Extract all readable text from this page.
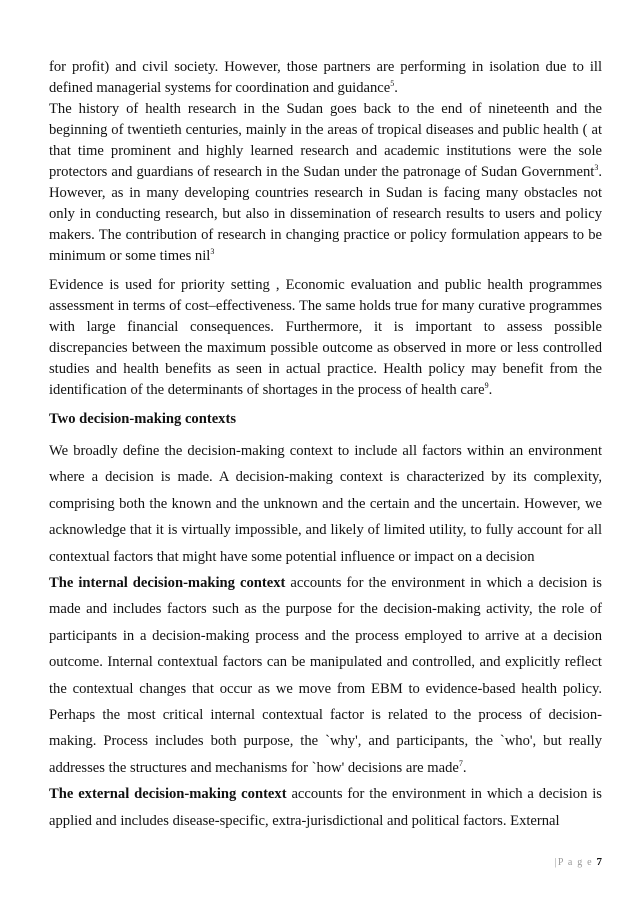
for profit) and civil society. However, those partners are performing in isolation due to ill defined managerial systems for coordination and guidance$^5$.

The history of health research in the Sudan goes back to the end of nineteenth and the beginning of twentieth centuries, mainly in the areas of tropical diseases and public health ( at that time prominent and highly learned research and academic institutions were the sole protectors and guardians of research in the Sudan under the patronage of Sudan Government$^3$. However, as in many developing countries research in Sudan is facing many obstacles not only in conducting research, but also in dissemination of research results to users and policy makers. The contribution of research in changing practice or policy formulation appears to be minimum or some times nil$^3$

Evidence is used for priority setting , Economic evaluation and public health programmes assessment in terms of cost–effectiveness. The same holds true for many curative programmes with large financial consequences. Furthermore, it is important to assess possible discrepancies between the maximum possible outcome as observed in more or less controlled studies and health benefits as seen in actual practice. Health policy may benefit from the identification of the determinants of shortages in the process of health care$^9$.

Two decision-making contexts

We broadly define the decision-making context to include all factors within an environment where a decision is made. A decision-making context is characterized by its complexity, comprising both the known and the unknown and the certain and the uncertain. However, we acknowledge that it is virtually impossible, and likely of limited utility, to fully account for all contextual factors that might have some potential influence or impact on a decision

The internal decision-making context accounts for the environment in which a decision is made and includes factors such as the purpose for the decision-making activity, the role of participants in a decision-making process and the process employed to arrive at a decision outcome. Internal contextual factors can be manipulated and controlled, and explicitly reflect the contextual changes that occur as we move from EBM to evidence-based health policy. Perhaps the most critical internal contextual factor is related to the process of decision-making. Process includes both purpose, the `why', and participants, the `who', but really addresses the structures and mechanisms for `how' decisions are made$^7$.

The external decision-making context accounts for the environment in which a decision is applied and includes disease-specific, extra-jurisdictional and political factors. External

|P a g e 7
